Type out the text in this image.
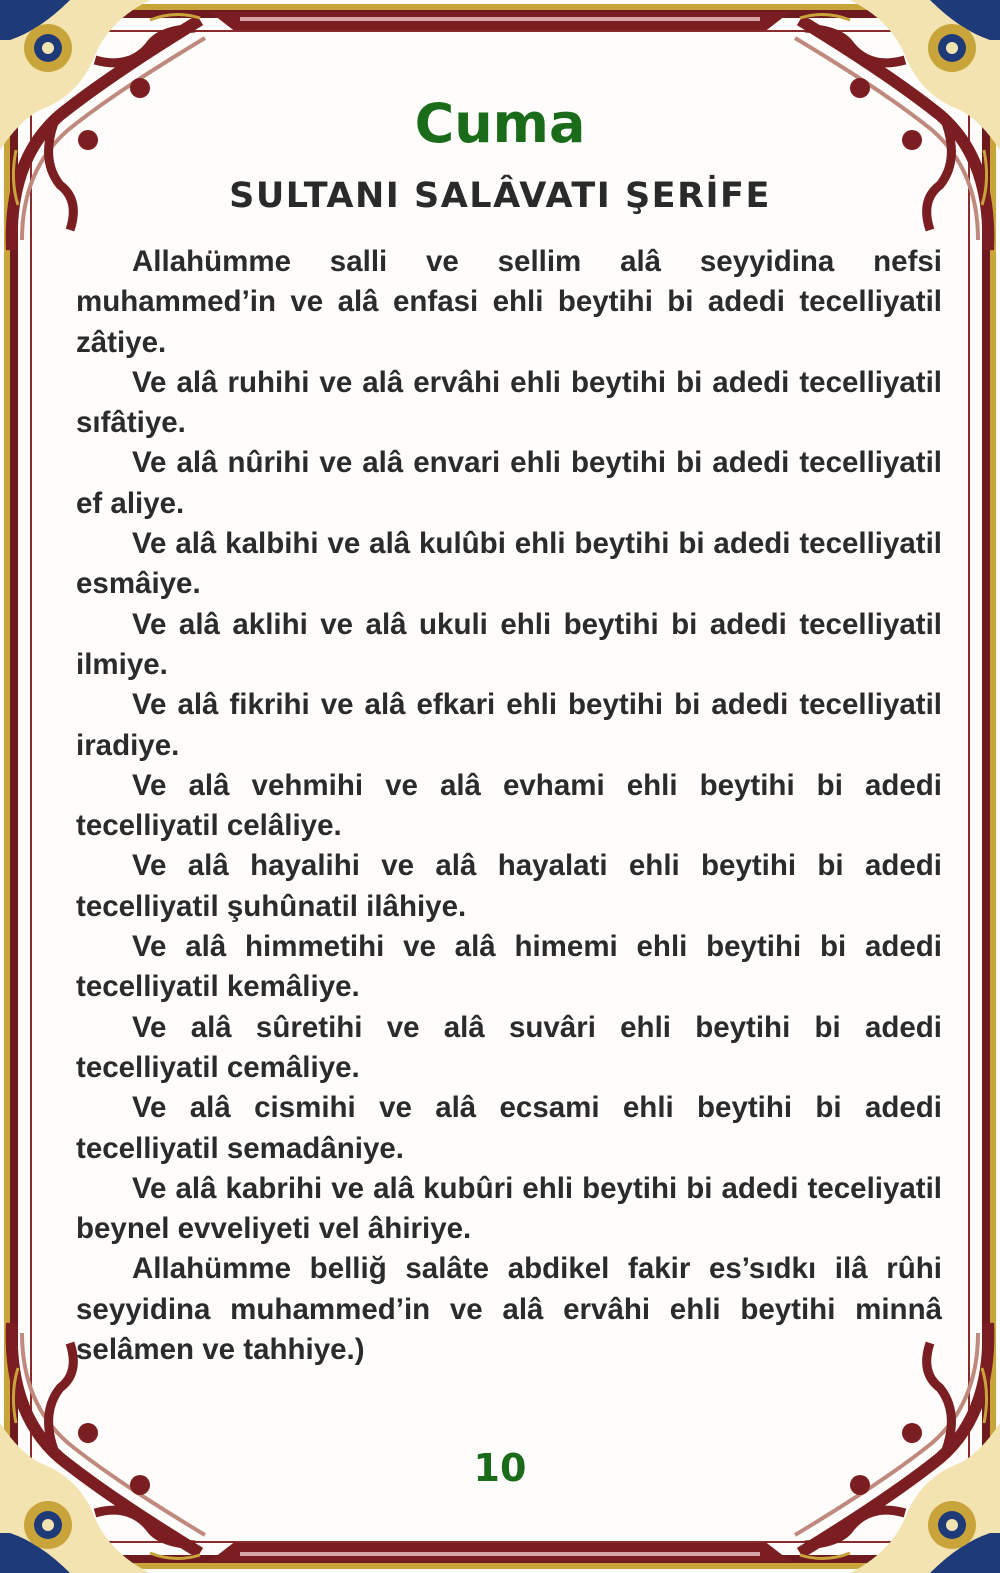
Cuma
SULTANI SALÂVATI ŞERİFE

Allahümme salli ve sellim alâ seyyidina nefsi muhammed’in ve alâ enfasi ehli beytihi bi adedi tecelliyatil zâtiye.

Ve alâ ruhihi ve alâ ervâhi ehli beytihi bi adedi tecelliyatil sıfâtiye.

Ve alâ nûrihi ve alâ envari ehli beytihi bi adedi tecelliyatil ef aliye.

Ve alâ kalbihi ve alâ kulûbi ehli beytihi bi adedi tecelliyatil esmâiye.

Ve alâ aklihi ve alâ ukuli ehli beytihi bi adedi tecelliyatil ilmiye.

Ve alâ fikrihi ve alâ efkari ehli beytihi bi adedi tecelliyatil iradiye.

Ve alâ vehmihi ve alâ evhami ehli beytihi bi adedi tecelliyatil celâliye.

Ve alâ hayalihi ve alâ hayalati ehli beytihi bi adedi tecelliyatil şuhûnatil ilâhiye.

Ve alâ himmetihi ve alâ himemi ehli beytihi bi adedi tecelliyatil kemâliye.

Ve alâ sûretihi ve alâ suvâri ehli beytihi bi adedi tecelliyatil cemâliye.

Ve alâ cismihi ve alâ ecsami ehli beytihi bi adedi tecelliyatil semadâniye.

Ve alâ kabrihi ve alâ kubûri ehli beytihi bi adedi teceliyatil beynel evveliyeti vel âhiriye.

Allahümme belliğ salâte abdikel fakir es’sıdkı ilâ rûhi seyyidina muhammed’in ve alâ ervâhi ehli beytihi minnâ selâmen ve tahhiye.)

10
